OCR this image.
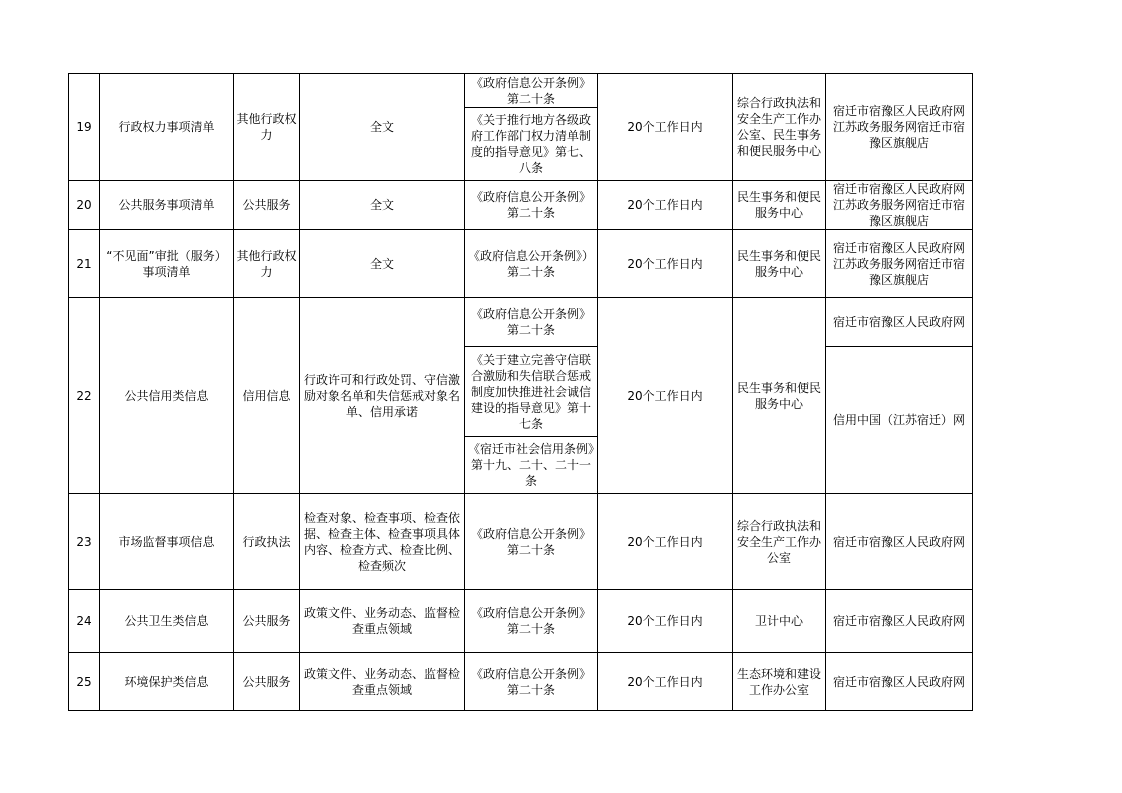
19	行政权力事项清单	其他行政权力	全文	《政府信息公开条例》第二十条	20个工作日内	综合行政执法和安全生产工作办公室、民生事务和便民服务中心	宿迁市宿豫区人民政府网　　江苏政务服务网宿迁市宿豫区旗舰店
				《关于推行地方各级政府工作部门权力清单制度的指导意见》第七、八条			
20	公共服务事项清单	公共服务	全文	《政府信息公开条例》第二十条	20个工作日内	民生事务和便民服务中心	宿迁市宿豫区人民政府网　　江苏政务服务网宿迁市宿豫区旗舰店
21	“不见面”审批（服务）事项清单	其他行政权力	全文	《政府信息公开条例》）第二十条	20个工作日内	民生事务和便民服务中心	宿迁市宿豫区人民政府网　　江苏政务服务网宿迁市宿豫区旗舰店
22	公共信用类信息	信用信息	行政许可和行政处罚、守信激励对象名单和失信惩戒对象名单、信用承诺	《政府信息公开条例》第二十条	20个工作日内	民生事务和便民服务中心	宿迁市宿豫区人民政府网
				《关于建立完善守信联合激励和失信联合惩戒制度加快推进社会诚信建设的指导意见》第十七条			信用中国（江苏宿迁）网
				《宿迁市社会信用条例》第十九、二十、二十一条			
23	市场监督事项信息	行政执法	检查对象、检查事项、检查依据、检查主体、检查事项具体内容、检查方式、检查比例、检查频次	《政府信息公开条例》第二十条	20个工作日内	综合行政执法和安全生产工作办公室	宿迁市宿豫区人民政府网
24	公共卫生类信息	公共服务	政策文件、业务动态、监督检查重点领域	《政府信息公开条例》第二十条	20个工作日内	卫计中心	宿迁市宿豫区人民政府网
25	环境保护类信息	公共服务	政策文件、业务动态、监督检查重点领域	《政府信息公开条例》第二十条	20个工作日内	生态环境和建设工作办公室	宿迁市宿豫区人民政府网
